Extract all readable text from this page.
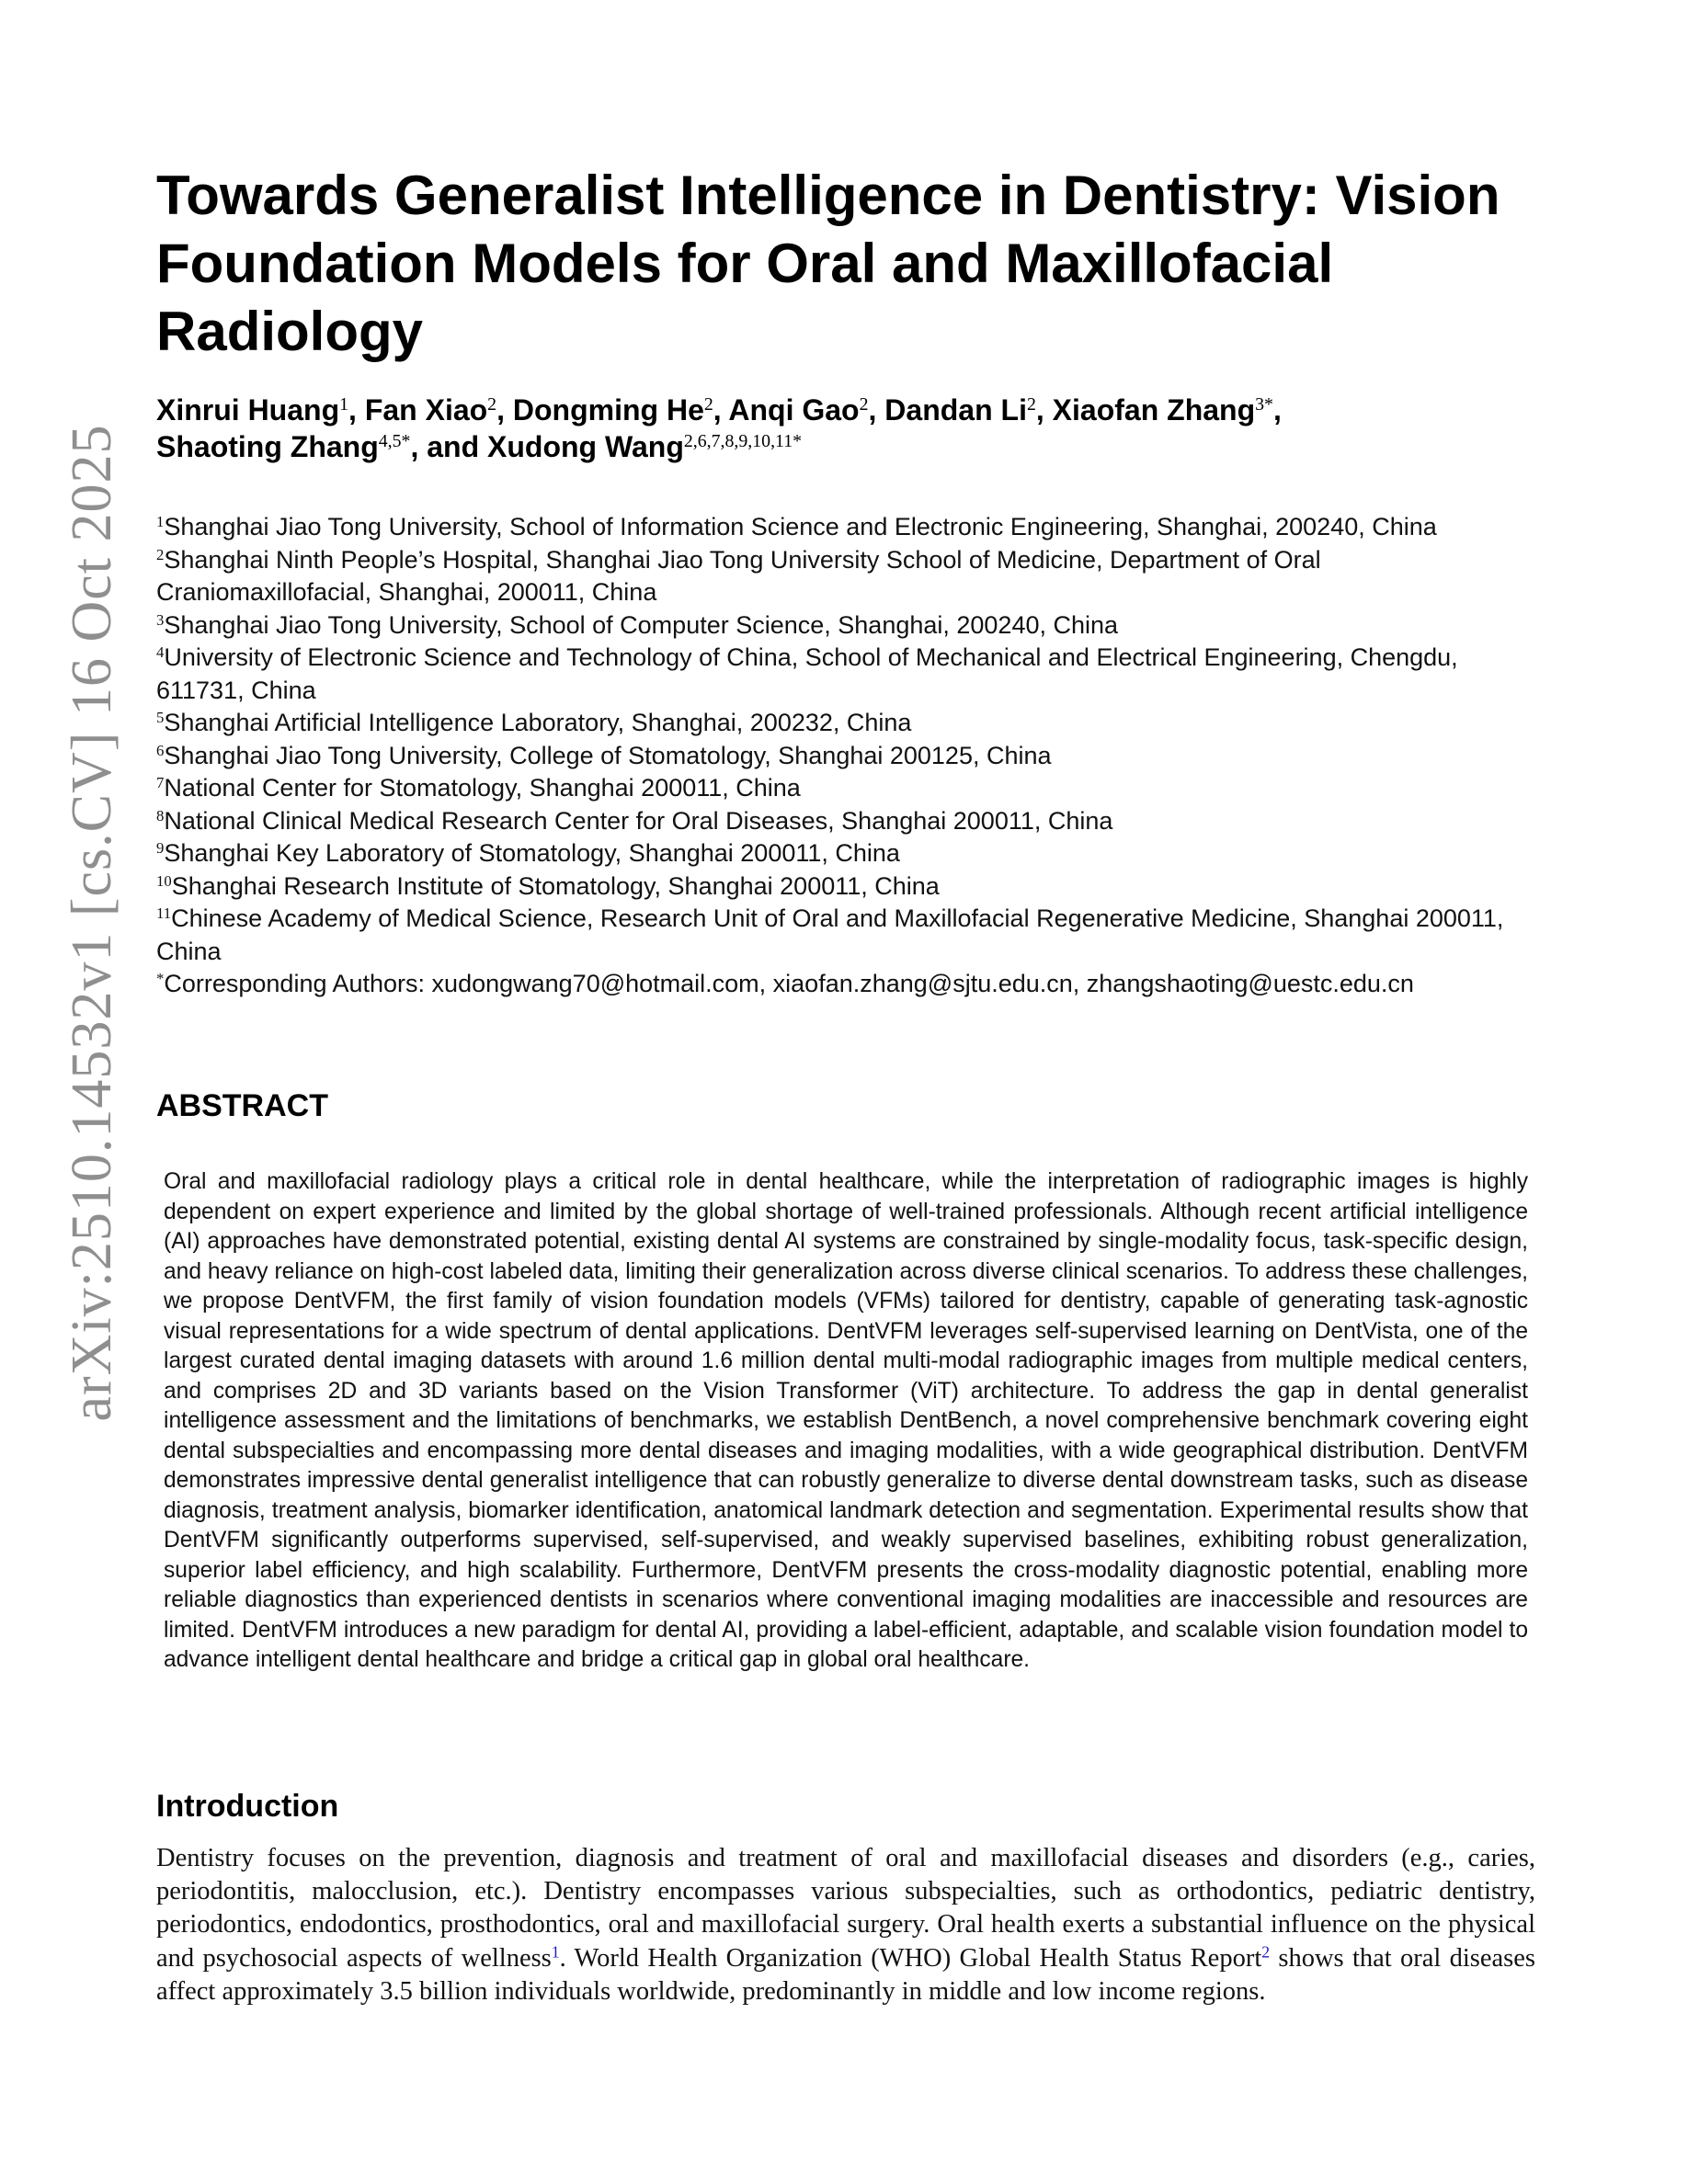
arXiv:2510.14532v1 [cs.CV] 16 Oct 2025
Towards Generalist Intelligence in Dentistry: Vision Foundation Models for Oral and Maxillofacial Radiology
Xinrui Huang$^1$, Fan Xiao$^2$, Dongming He$^2$, Anqi Gao$^2$, Dandan Li$^2$, Xiaofan Zhang$^{3*}$,
Shaoting Zhang$^{4,5*}$, and Xudong Wang$^{2,6,7,8,9,10,11*}$

$^1$Shanghai Jiao Tong University, School of Information Science and Electronic Engineering, Shanghai, 200240, China

$^2$Shanghai Ninth People’s Hospital, Shanghai Jiao Tong University School of Medicine, Department of Oral Craniomaxillofacial, Shanghai, 200011, China

$^3$Shanghai Jiao Tong University, School of Computer Science, Shanghai, 200240, China

$^4$University of Electronic Science and Technology of China, School of Mechanical and Electrical Engineering, Chengdu, 611731, China

$^5$Shanghai Artificial Intelligence Laboratory, Shanghai, 200232, China

$^6$Shanghai Jiao Tong University, College of Stomatology, Shanghai 200125, China

$^7$National Center for Stomatology, Shanghai 200011, China

$^8$National Clinical Medical Research Center for Oral Diseases, Shanghai 200011, China

$^9$Shanghai Key Laboratory of Stomatology, Shanghai 200011, China

$^{10}$Shanghai Research Institute of Stomatology, Shanghai 200011, China

$^{11}$Chinese Academy of Medical Science, Research Unit of Oral and Maxillofacial Regenerative Medicine, Shanghai 200011, China

*Corresponding Authors: xudongwang70@hotmail.com, xiaofan.zhang@sjtu.edu.cn, zhangshaoting@uestc.edu.cn

ABSTRACT

Oral and maxillofacial radiology plays a critical role in dental healthcare, while the interpretation of radiographic images is highly dependent on expert experience and limited by the global shortage of well-trained professionals. Although recent artificial intelligence (AI) approaches have demonstrated potential, existing dental AI systems are constrained by single-modality focus, task-specific design, and heavy reliance on high-cost labeled data, limiting their generalization across diverse clinical scenarios. To address these challenges, we propose DentVFM, the first family of vision foundation models (VFMs) tailored for dentistry, capable of generating task-agnostic visual representations for a wide spectrum of dental applications. DentVFM leverages self-supervised learning on DentVista, one of the largest curated dental imaging datasets with around 1.6 million dental multi-modal radiographic images from multiple medical centers, and comprises 2D and 3D variants based on the Vision Transformer (ViT) architecture. To address the gap in dental generalist intelligence assessment and the limitations of benchmarks, we establish DentBench, a novel comprehensive benchmark covering eight dental subspecialties and encompassing more dental diseases and imaging modalities, with a wide geographical distribution. DentVFM demonstrates impressive dental generalist intelligence that can robustly generalize to diverse dental downstream tasks, such as disease diagnosis, treatment analysis, biomarker identification, anatomical landmark detection and segmentation. Experimental results show that DentVFM significantly outperforms supervised, self-supervised, and weakly supervised baselines, exhibiting robust generalization, superior label efficiency, and high scalability. Furthermore, DentVFM presents the cross-modality diagnostic potential, enabling more reliable diagnostics than experienced dentists in scenarios where conventional imaging modalities are inaccessible and resources are limited. DentVFM introduces a new paradigm for dental AI, providing a label-efficient, adaptable, and scalable vision foundation model to advance intelligent dental healthcare and bridge a critical gap in global oral healthcare.

Introduction

Dentistry focuses on the prevention, diagnosis and treatment of oral and maxillofacial diseases and disorders (e.g., caries, periodontitis, malocclusion, etc.). Dentistry encompasses various subspecialties, such as orthodontics, pediatric dentistry, periodontics, endodontics, prosthodontics, oral and maxillofacial surgery. Oral health exerts a substantial influence on the physical and psychosocial aspects of wellness$^1$. World Health Organization (WHO) Global Health Status Report$^2$ shows that oral diseases affect approximately 3.5 billion individuals worldwide, predominantly in middle and low income regions.
